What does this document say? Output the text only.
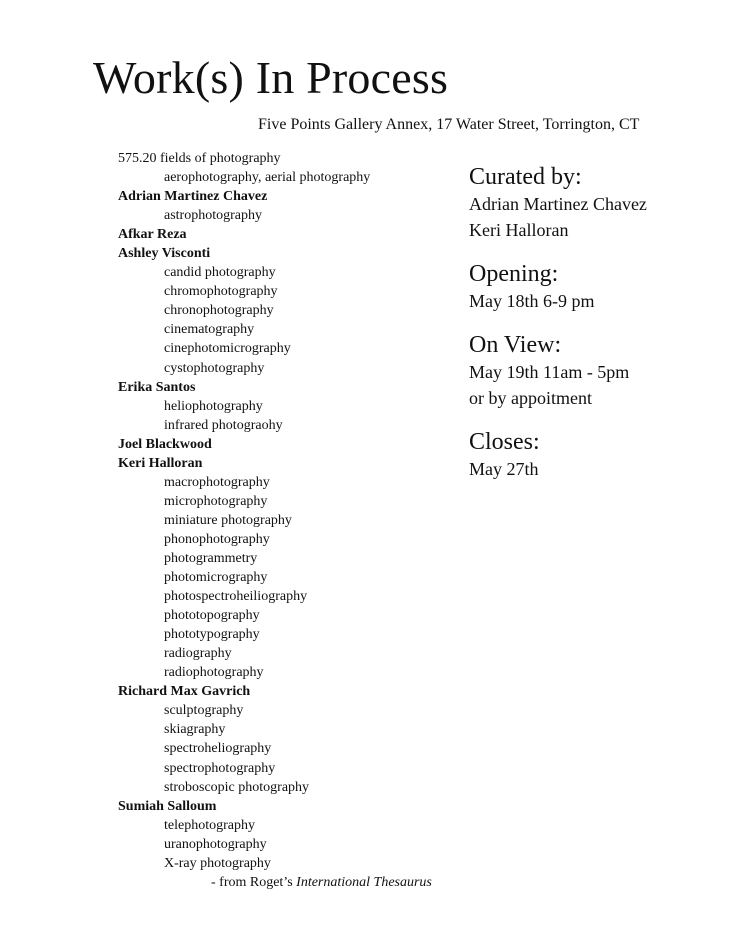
Work(s) In Process
Five Points Gallery Annex, 17 Water Street, Torrington, CT
575.20 fields of photography
aerophotography, aerial photography
Adrian Martinez Chavez
astrophotography
Afkar Reza
Ashley Visconti
candid photography
chromophotography
chronophotography
cinematography
cinephotomicrography
cystophotography
Erika Santos
heliophotography
infrared photograohy
Joel Blackwood
Keri Halloran
macrophotography
microphotography
miniature photography
phonophotography
photogrammetry
photomicrography
photospectroheiliography
phototopography
phototypography
radiography
radiophotography
Richard Max Gavrich
sculptography
skiagraphy
spectroheliography
spectrophotography
stroboscopic photography
Sumiah Salloum
telephotography
uranophotography
X-ray photography
- from Roget’s International Thesaurus
Curated by:
Adrian Martinez Chavez
Keri Halloran
Opening:
May 18th 6-9 pm
On View:
May 19th 11am - 5pm
or by appoitment
Closes:
May 27th
